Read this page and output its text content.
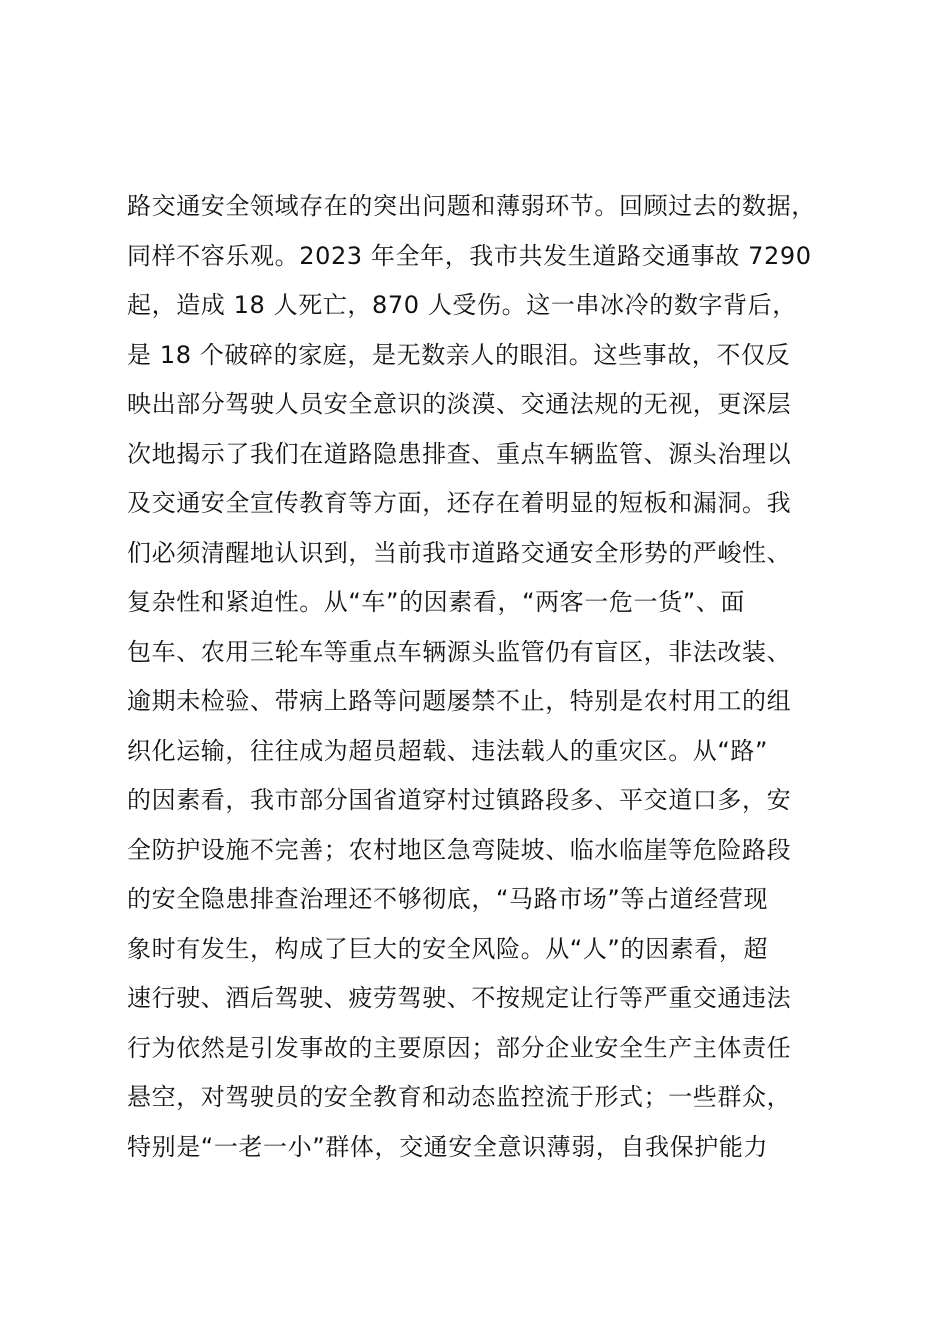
路交通安全领域存在的突出问题和薄弱环节。回顾过去的数据，
同样不容乐观。2023 年全年，我市共发生道路交通事故 7290
起，造成 18 人死亡，870 人受伤。这一串冰冷的数字背后，
是 18 个破碎的家庭，是无数亲人的眼泪。这些事故，不仅反
映出部分驾驶人员安全意识的淡漠、交通法规的无视，更深层
次地揭示了我们在道路隐患排查、重点车辆监管、源头治理以
及交通安全宣传教育等方面，还存在着明显的短板和漏洞。我
们必须清醒地认识到，当前我市道路交通安全形势的严峻性、
复杂性和紧迫性。从“车”的因素看，“两客一危一货”、面
包车、农用三轮车等重点车辆源头监管仍有盲区，非法改装、
逾期未检验、带病上路等问题屡禁不止，特别是农村用工的组
织化运输，往往成为超员超载、违法载人的重灾区。从“路”
的因素看，我市部分国省道穿村过镇路段多、平交道口多，安
全防护设施不完善；农村地区急弯陡坡、临水临崖等危险路段
的安全隐患排查治理还不够彻底，“马路市场”等占道经营现
象时有发生，构成了巨大的安全风险。从“人”的因素看，超
速行驶、酒后驾驶、疲劳驾驶、不按规定让行等严重交通违法
行为依然是引发事故的主要原因；部分企业安全生产主体责任
悬空，对驾驶员的安全教育和动态监控流于形式；一些群众，
特别是“一老一小”群体，交通安全意识薄弱，自我保护能力
